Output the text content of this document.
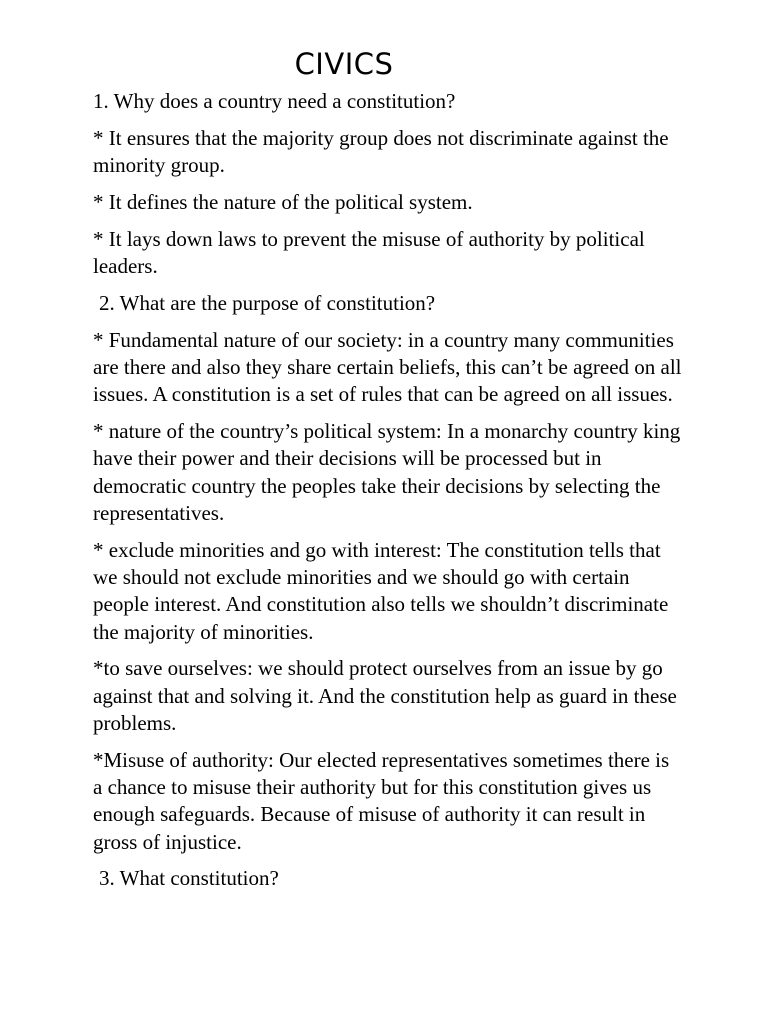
CIVICS

1. Why does a country need a constitution?

* It ensures that the majority group does not discriminate against the minority group.

* It defines the nature of the political system.

* It lays down laws to prevent the misuse of authority by political leaders.

2. What are the purpose of constitution?

* Fundamental nature of our society: in a country many communities are there and also they share certain beliefs, this can’t be agreed on all issues. A constitution is a set of rules that can be agreed on all issues.

* nature of the country’s political system: In a monarchy country king have their power and their decisions will be processed but in democratic country the peoples take their decisions by selecting the representatives.

* exclude minorities and go with interest: The constitution tells that we should not exclude minorities and we should go with certain people interest. And constitution also tells we shouldn’t discriminate the majority of minorities.

*to save ourselves: we should protect ourselves from an issue by go against that and solving it. And the constitution help as guard in these problems.

*Misuse of authority: Our elected representatives sometimes there is a chance to misuse their authority but for this constitution gives us enough safeguards. Because of misuse of authority it can result in gross of injustice.

3. What constitution?
